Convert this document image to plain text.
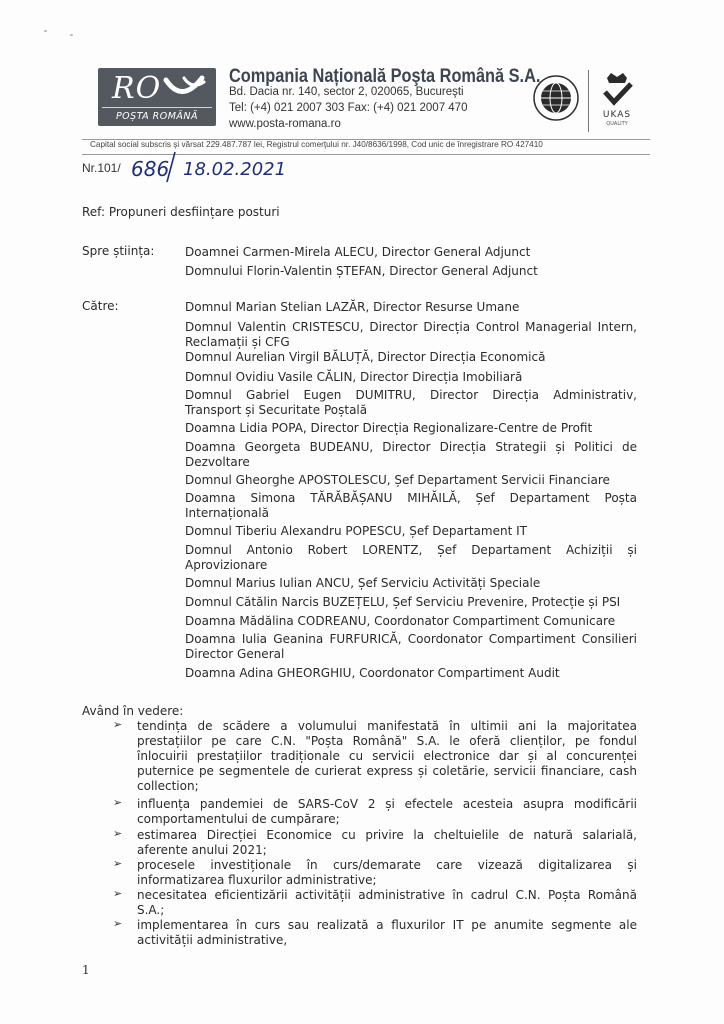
RO
POȘTA ROMÂNĂ
Compania Națională Poşta Română S.A.
Bd. Dacia nr. 140, sector 2, 020065, Bucureşti
Tel: (+4) 021 2007 303 Fax: (+4) 021 2007 470
www.posta-romana.ro
UKAS
QUALITY
Capital social subscris şi vărsat 229.487.787 lei, Registrul comerţului nr. J40/8636/1998, Cod unic de înregistrare RO 427410
Nr.101/ 686 18.02.2021
Ref: Propuneri desființare posturi
Spre știința:
Către:
Având în vedere:
1
Doamnei Carmen-Mirela ALECU, Director General Adjunct
Domnului Florin-Valentin ȘTEFAN, Director General Adjunct
Domnul Marian Stelian LAZĂR, Director Resurse Umane
Domnul Valentin CRISTESCU, Director Direcția Control Managerial Intern,
Reclamații și CFG
Domnul Aurelian Virgil BĂLUȚĂ, Director Direcția Economică
Domnul Ovidiu Vasile CĂLIN, Director Direcția Imobiliară
Domnul Gabriel Eugen DUMITRU, Director Direcția Administrativ,
Transport și Securitate Poștală
Doamna Lidia POPA, Director Direcția Regionalizare-Centre de Profit
Doamna Georgeta BUDEANU, Director Direcția Strategii și Politici de
Dezvoltare
Domnul Gheorghe APOSTOLESCU, Șef Departament Servicii Financiare
Doamna Simona TĂRĂBĂȘANU MIHĂILĂ, Șef Departament Poșta
Internațională
Domnul Tiberiu Alexandru POPESCU, Șef Departament IT
Domnul Antonio Robert LORENTZ, Șef Departament Achiziții și
Aprovizionare
Domnul Marius Iulian ANCU, Șef Serviciu Activități Speciale
Domnul Cătălin Narcis BUZEȚELU, Șef Serviciu Prevenire, Protecție și PSI
Doamna Mădălina CODREANU, Coordonator Compartiment Comunicare
Doamna Iulia Geanina FURFURICĂ, Coordonator Compartiment Consilieri
Director General
Doamna Adina GHEORGHIU, Coordonator Compartiment Audit
➢ tendința de scădere a volumului manifestată în ultimii ani la majoritatea
prestațiilor pe care C.N. "Poșta Română" S.A. le oferă clienților, pe fondul
înlocuirii prestațiilor tradiționale cu servicii electronice dar și al concurenței
puternice pe segmentele de curierat express și coletărie, servicii financiare, cash
collection;
➢ influența pandemiei de SARS-CoV 2 și efectele acesteia asupra modificării
comportamentului de cumpărare;
➢ estimarea Direcției Economice cu privire la cheltuielile de natură salarială,
aferente anului 2021;
➢ procesele investiționale în curs/demarate care vizează digitalizarea și
informatizarea fluxurilor administrative;
➢ necesitatea eficientizării activității administrative în cadrul C.N. Poșta Română
S.A.;
➢ implementarea în curs sau realizată a fluxurilor IT pe anumite segmente ale
activității administrative,
